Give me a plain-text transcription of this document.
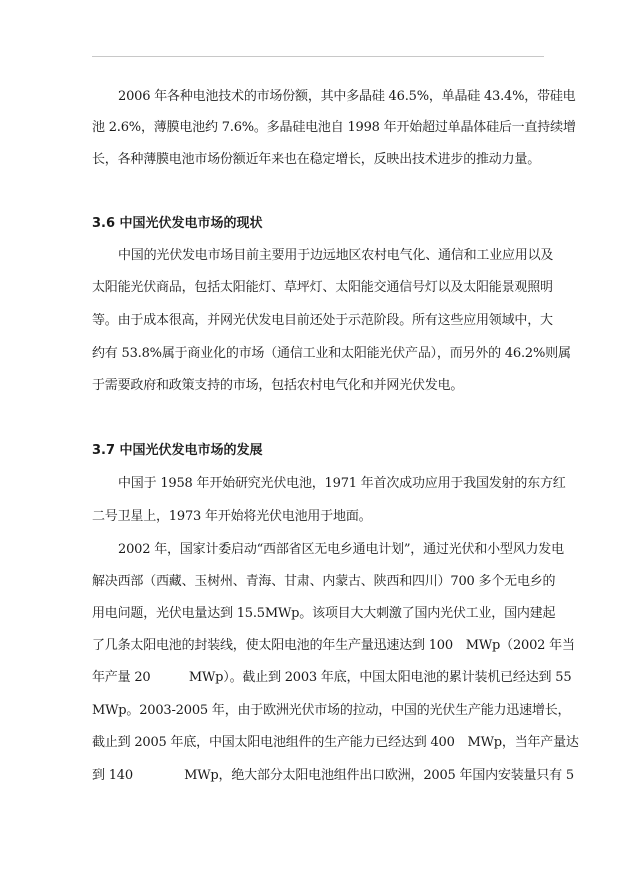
2006 年各种电池技术的市场份额，其中多晶硅 46.5%，单晶硅 43.4%，带硅电
池 2.6%，薄膜电池约 7.6%。多晶硅电池自 1998 年开始超过单晶体硅后一直持续增
长，各种薄膜电池市场份额近年来也在稳定增长，反映出技术进步的推动力量。
3.6 中国光伏发电市场的现状
中国的光伏发电市场目前主要用于边远地区农村电气化、通信和工业应用以及
太阳能光伏商品，包括太阳能灯、草坪灯、太阳能交通信号灯以及太阳能景观照明
等。由于成本很高，并网光伏发电目前还处于示范阶段。所有这些应用领域中，大
约有 53.8%属于商业化的市场（通信工业和太阳能光伏产品），而另外的 46.2%则属
于需要政府和政策支持的市场，包括农村电气化和并网光伏发电。
3.7 中国光伏发电市场的发展
中国于 1958 年开始研究光伏电池，1971 年首次成功应用于我国发射的东方红
二号卫星上，1973 年开始将光伏电池用于地面。
2002 年，国家计委启动“西部省区无电乡通电计划”，通过光伏和小型风力发电
解决西部（西藏、玉树州、青海、甘肃、内蒙古、陕西和四川）700 多个无电乡的
用电问题，光伏电量达到 15.5MWp。该项目大大刺激了国内光伏工业，国内建起
了几条太阳电池的封装线，使太阳电池的年生产量迅速达到 100　MWp（2002 年当
年产量 20　　　MWp）。截止到 2003 年底，中国太阳电池的累计装机已经达到 55
MWp。2003-2005 年，由于欧洲光伏市场的拉动，中国的光伏生产能力迅速增长，
截止到 2005 年底，中国太阳电池组件的生产能力已经达到 400　MWp，当年产量达
到 140　　　　MWp，绝大部分太阳电池组件出口欧洲，2005 年国内安装量只有 5
